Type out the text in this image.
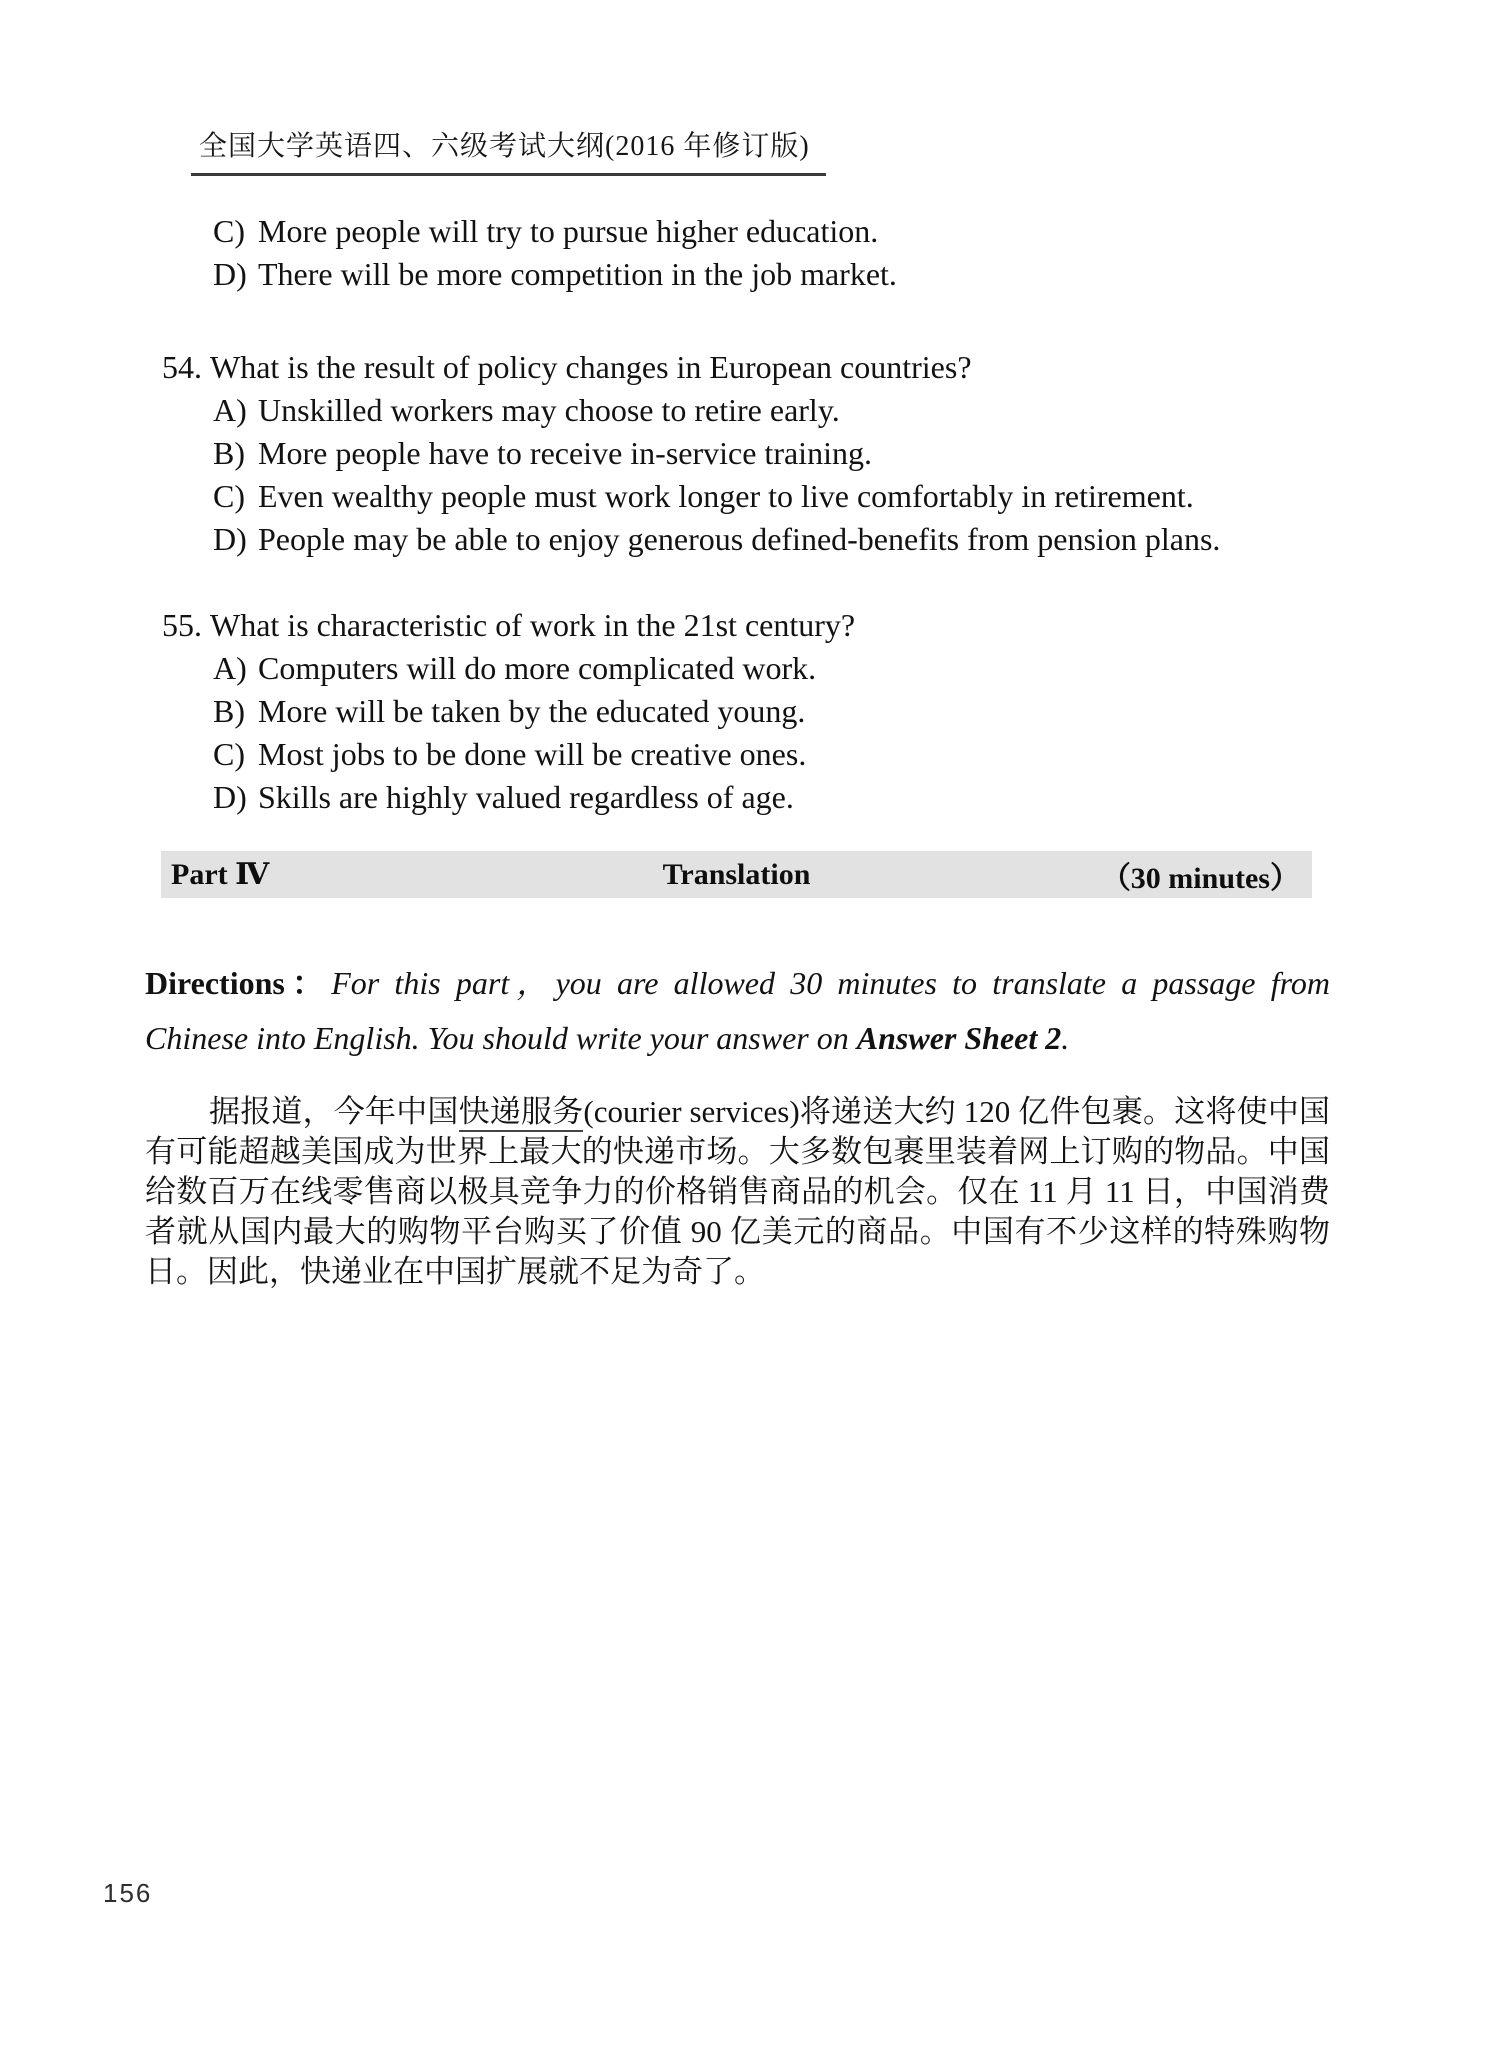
全国大学英语四、六级考试大纲(2016 年修订版)
C) More people will try to pursue higher education.
D) There will be more competition in the job market.
54. What is the result of policy changes in European countries?
A) Unskilled workers may choose to retire early.
B) More people have to receive in-service training.
C) Even wealthy people must work longer to live comfortably in retirement.
D) People may be able to enjoy generous defined-benefits from pension plans.
55. What is characteristic of work in the 21st century?
A) Computers will do more complicated work.
B) More will be taken by the educated young.
C) Most jobs to be done will be creative ones.
D) Skills are highly valued regardless of age.
Part Ⅳ	Translation	（30 minutes）
Directions：For this part，you are allowed 30 minutes to translate a passage from Chinese into English. You should write your answer on Answer Sheet 2.
据报道，今年中国快递服务(courier services)将递送大约 120 亿件包裹。这将使中国有可能超越美国成为世界上最大的快递市场。大多数包裹里装着网上订购的物品。中国给数百万在线零售商以极具竞争力的价格销售商品的机会。仅在 11 月 11 日，中国消费者就从国内最大的购物平台购买了价值 90 亿美元的商品。中国有不少这样的特殊购物日。因此，快递业在中国扩展就不足为奇了。
156
